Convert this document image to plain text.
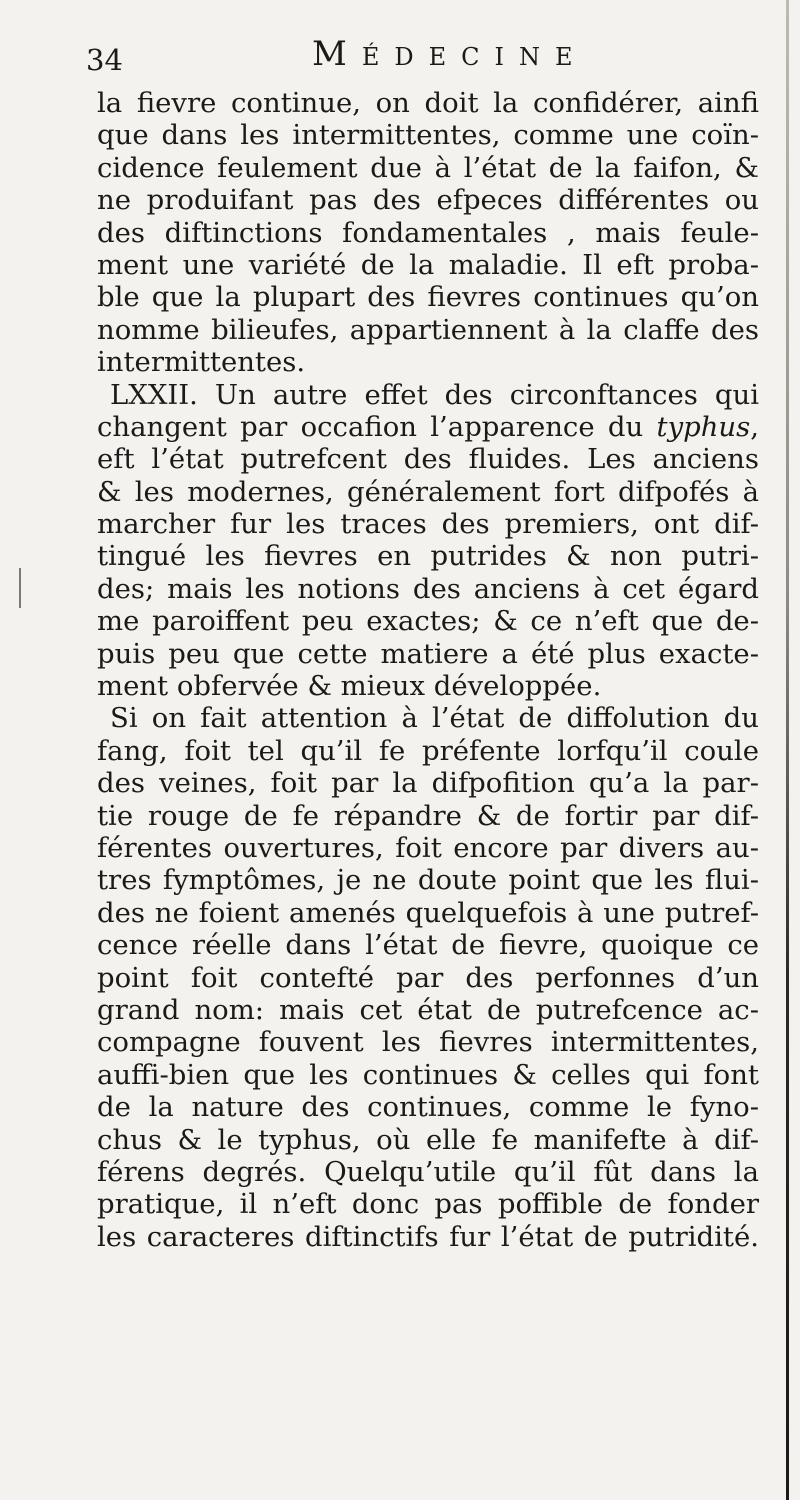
34	Médecine
la fievre continue, on doit la confidérer, ainfi
que dans les intermittentes, comme une coïn-
cidence feulement due à l’état de la faifon, &
ne produifant pas des efpeces différentes ou
des diftinctions fondamentales , mais feule-
ment une variété de la maladie. Il eft proba-
ble que la plupart des fievres continues qu’on
nomme bilieufes, appartiennent à la claffe des
intermittentes.
LXXII. Un autre effet des circonftances qui
changent par occafion l’apparence du typhus,
eft l’état putrefcent des fluides. Les anciens
& les modernes, généralement fort difpofés à
marcher fur les traces des premiers, ont dif-
tingué les fievres en putrides & non putri-
des; mais les notions des anciens à cet égard
me paroiffent peu exactes; & ce n’eft que de-
puis peu que cette matiere a été plus exacte-
ment obfervée & mieux développée.
Si on fait attention à l’état de diffolution du
fang, foit tel qu’il fe préfente lorfqu’il coule
des veines, foit par la difpofition qu’a la par-
tie rouge de fe répandre & de fortir par dif-
férentes ouvertures, foit encore par divers au-
tres fymptômes, je ne doute point que les flui-
des ne foient amenés quelquefois à une putref-
cence réelle dans l’état de fievre, quoique ce
point foit contefté par des perfonnes d’un
grand nom: mais cet état de putrefcence ac-
compagne fouvent les fievres intermittentes,
auffi-bien que les continues & celles qui font
de la nature des continues, comme le fyno-
chus & le typhus, où elle fe manifefte à dif-
férens degrés. Quelqu’utile qu’il fût dans la
pratique, il n’eft donc pas poffible de fonder
les caracteres diftinctifs fur l’état de putridité.
